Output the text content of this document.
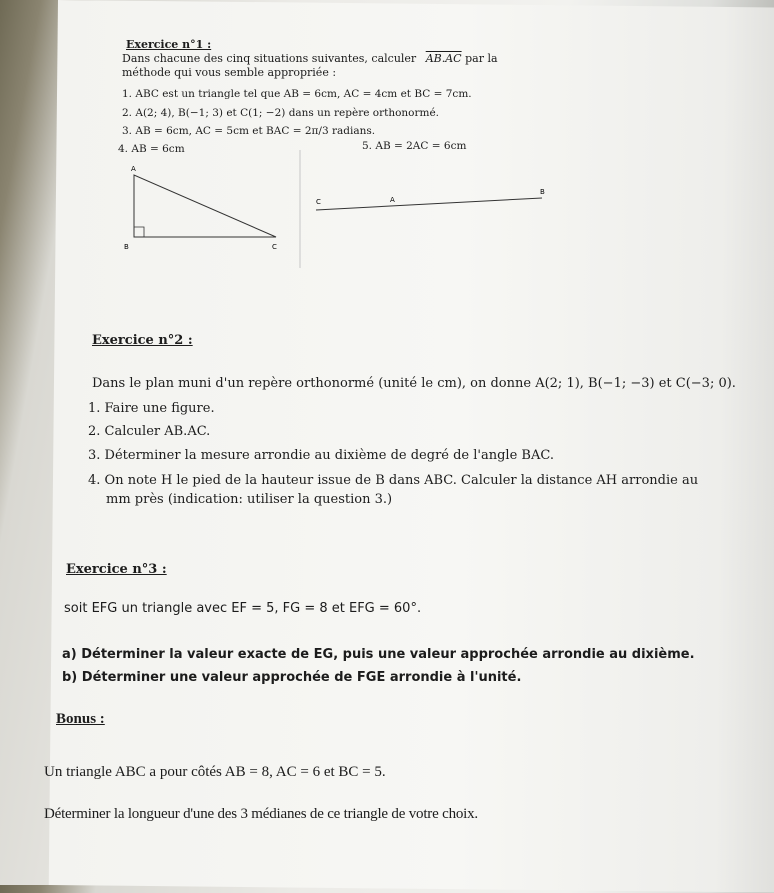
Exercice n°1 :
Dans chacune des cinq situations suivantes, calculer AB.AC par la
méthode qui vous semble appropriée :
1. ABC est un triangle tel que AB = 6cm, AC = 4cm et BC = 7cm.
2. A(2; 4), B(−1; 3) et C(1; −2) dans un repère orthonormé.
3. AB = 6cm, AC = 5cm et BAC = 2π/3 radians.
4. AB = 6cm	5. AB = 2AC = 6cm
A
B	C
C	A
B
Exercice n°2 :
Dans le plan muni d'un repère orthonormé (unité le cm), on donne A(2; 1), B(−1; −3) et C(−3; 0).
1. Faire une figure.
2. Calculer AB.AC.
3. Déterminer la mesure arrondie au dixième de degré de l'angle BAC.
4. On note H le pied de la hauteur issue de B dans ABC. Calculer la distance AH arrondie au
mm près (indication: utiliser la question 3.)
Exercice n°3 :
soit EFG un triangle avec EF = 5, FG = 8 et EFG = 60°.
a) Déterminer la valeur exacte de EG, puis une valeur approchée arrondie au dixième.
b) Déterminer une valeur approchée de FGE arrondie à l'unité.
Bonus :
Un triangle ABC a pour côtés AB = 8, AC = 6 et BC = 5.
Déterminer la longueur d'une des 3 médianes de ce triangle de votre choix.
